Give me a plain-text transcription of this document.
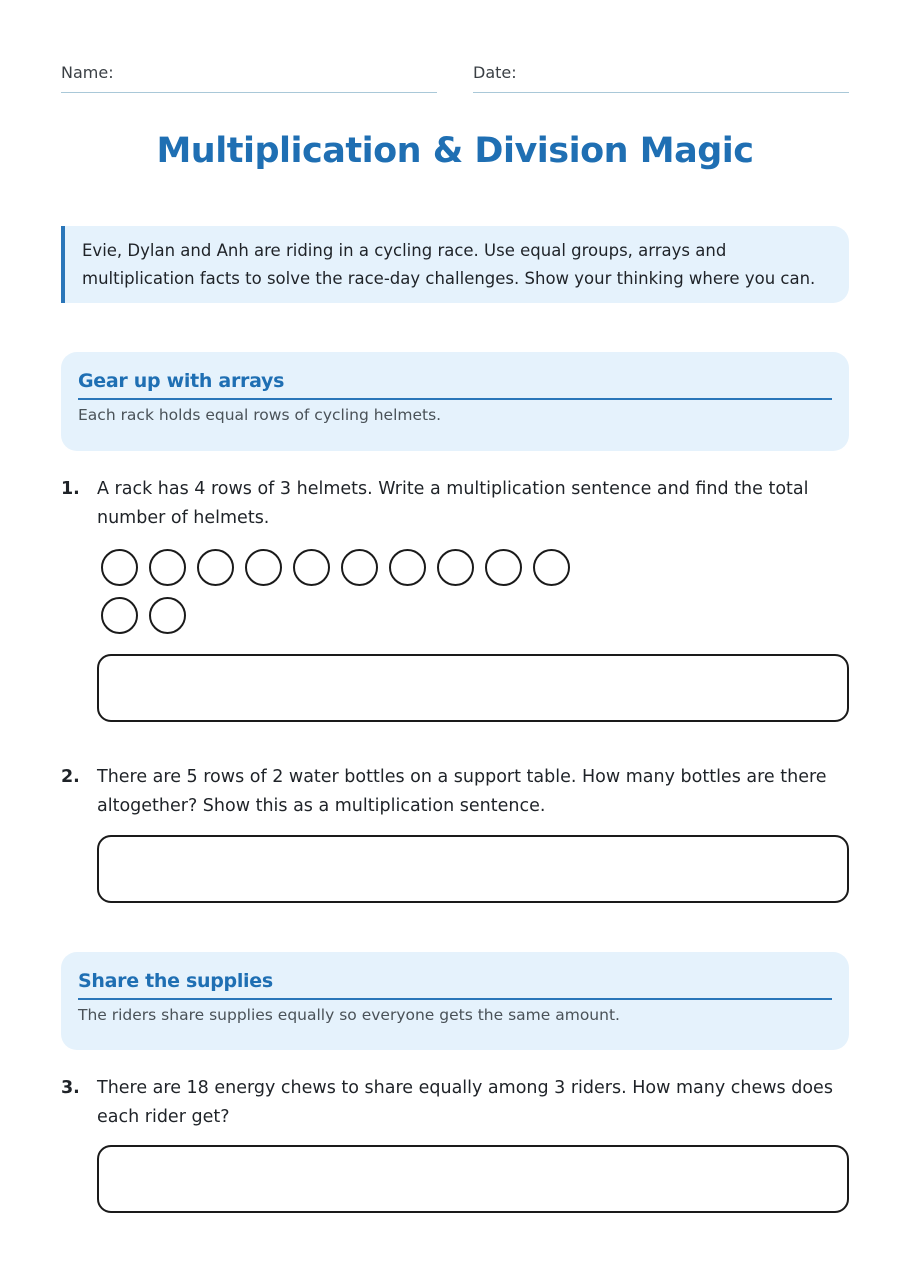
Name:	Date:
Multiplication & Division Magic
Evie, Dylan and Anh are riding in a cycling race. Use equal groups, arrays and multiplication facts to solve the race-day challenges. Show your thinking where you can.
Gear up with arrays
Each rack holds equal rows of cycling helmets.
1. A rack has 4 rows of 3 helmets. Write a multiplication sentence and find the total number of helmets.
2. There are 5 rows of 2 water bottles on a support table. How many bottles are there altogether? Show this as a multiplication sentence.
Share the supplies
The riders share supplies equally so everyone gets the same amount.
3. There are 18 energy chews to share equally among 3 riders. How many chews does each rider get?
